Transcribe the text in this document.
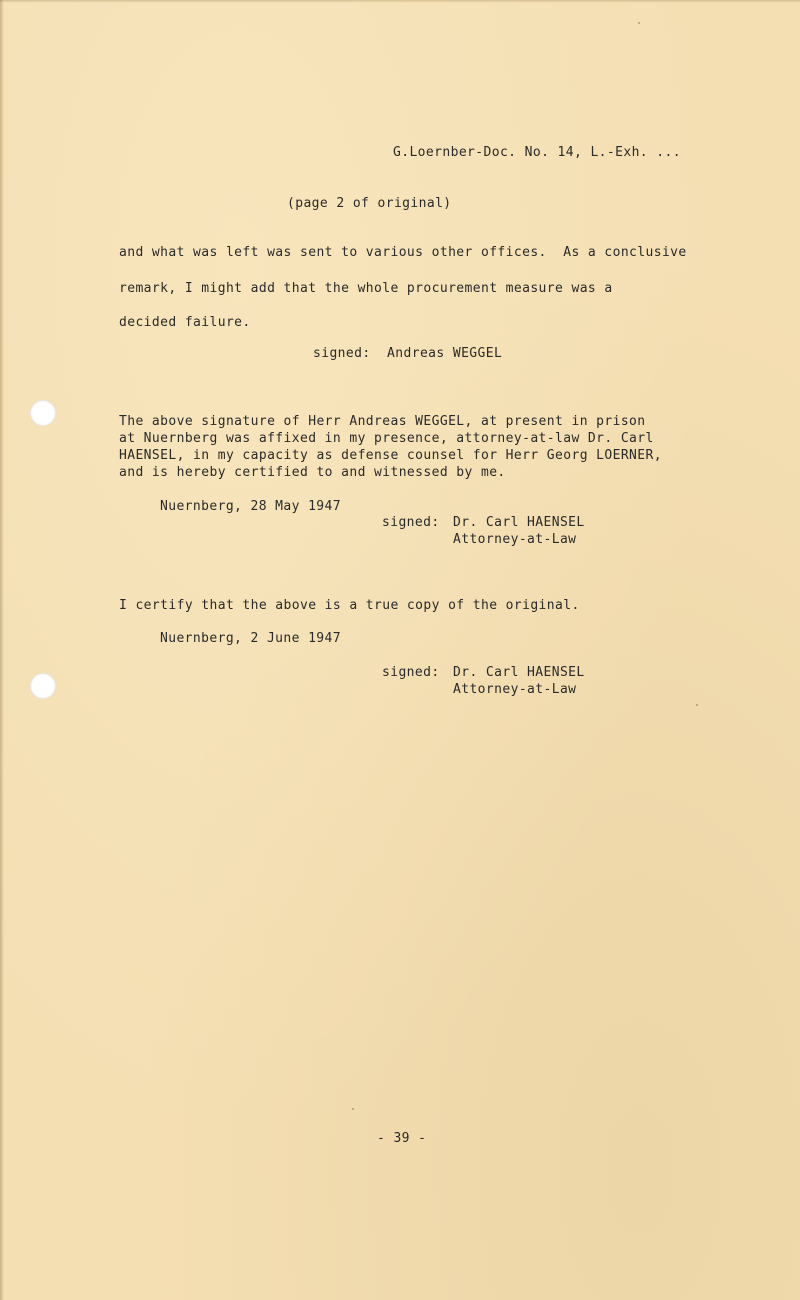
G.Loernber-Doc. No. 14, L.-Exh. ...
(page 2 of original)
and what was left was sent to various other offices.  As a conclusive
remark, I might add that the whole procurement measure was a
decided failure.
signed:  Andreas WEGGEL
The above signature of Herr Andreas WEGGEL, at present in prison
at Nuernberg was affixed in my presence, attorney-at-law Dr. Carl
HAENSEL, in my capacity as defense counsel for Herr Georg LOERNER,
and is hereby certified to and witnessed by me.
Nuernberg, 28 May 1947
signed: Dr. Carl HAENSEL
Attorney-at-Law
I certify that the above is a true copy of the original.
Nuernberg, 2 June 1947
signed: Dr. Carl HAENSEL
Attorney-at-Law
- 39 -
